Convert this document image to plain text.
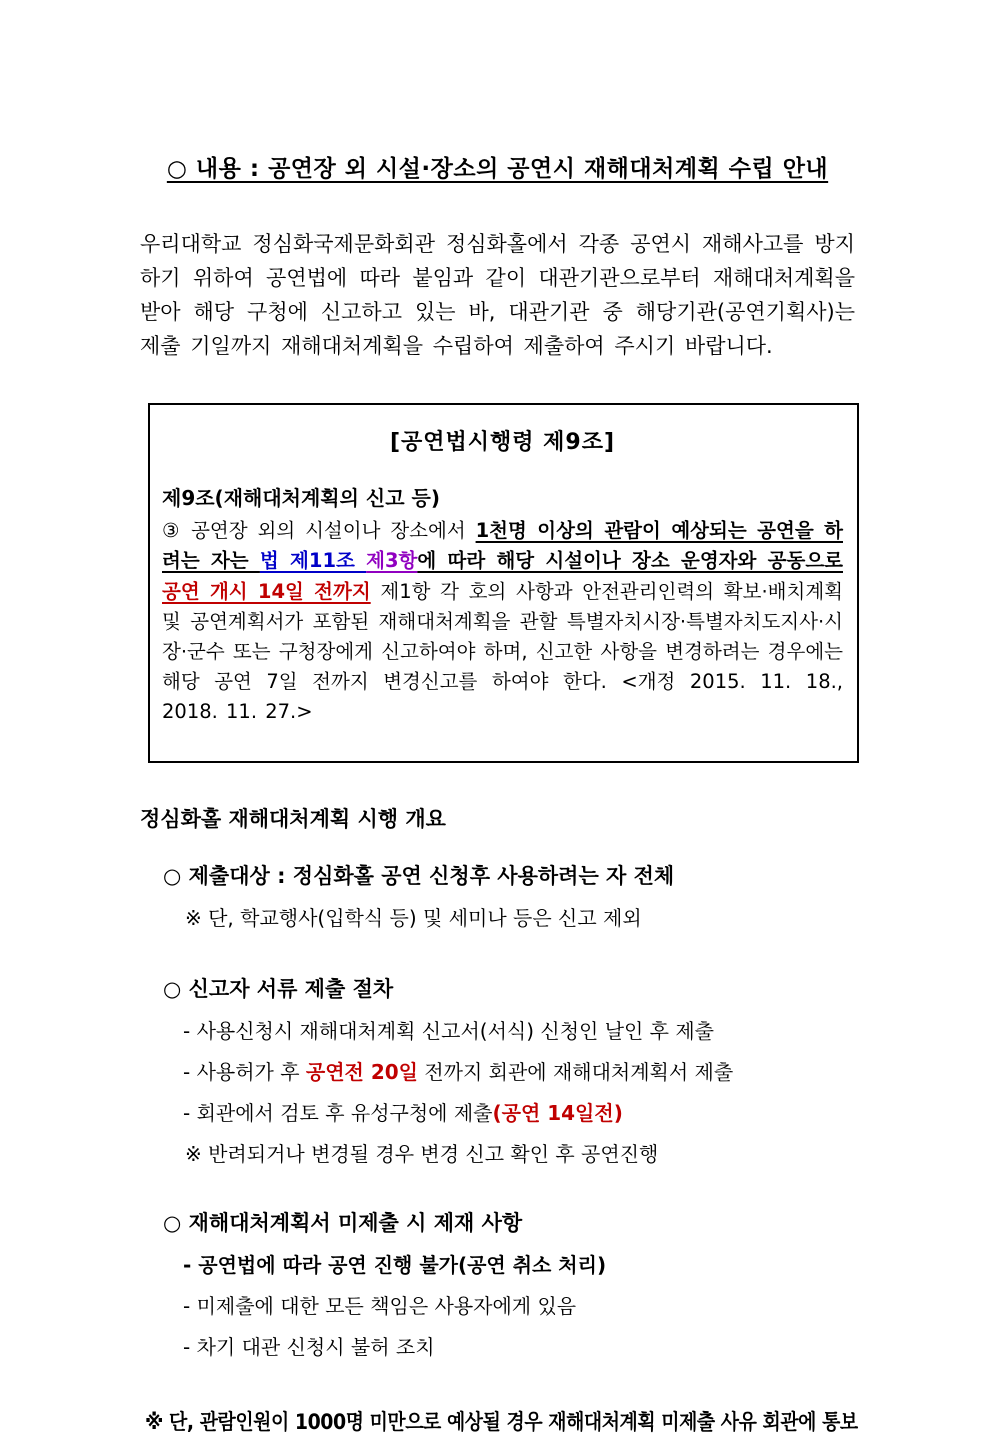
○ 내용 : 공연장 외 시설·장소의 공연시 재해대처계획 수립 안내

우리대학교 정심화국제문화회관 정심화홀에서 각종 공연시 재해사고를 방지하기 위하여 공연법에 따라 붙임과 같이 대관기관으로부터 재해대처계획을 받아 해당 구청에 신고하고 있는 바, 대관기관 중 해당기관(공연기획사)는 제출 기일까지 재해대처계획을 수립하여 제출하여 주시기 바랍니다.

[공연법시행령 제9조]
제9조(재해대처계획의 신고 등)

③ 공연장 외의 시설이나 장소에서 1천명 이상의 관람이 예상되는 공연을 하려는 자는 법 제11조 제3항에 따라 해당 시설이나 장소 운영자와 공동으로 공연 개시 14일 전까지 제1항 각 호의 사항과 안전관리인력의 확보·배치계획 및 공연계획서가 포함된 재해대처계획을 관할 특별자치시장·특별자치도지사·시장·군수 또는 구청장에게 신고하여야 하며, 신고한 사항을 변경하려는 경우에는 해당 공연 7일 전까지 변경신고를 하여야 한다. <개정 2015. 11. 18., 2018. 11. 27.>

정심화홀 재해대처계획 시행 개요
○ 제출대상 : 정심화홀 공연 신청후 사용하려는 자 전체
※ 단, 학교행사(입학식 등) 및 세미나 등은 신고 제외
○ 신고자 서류 제출 절차
- 사용신청시 재해대처계획 신고서(서식) 신청인 날인 후 제출
- 사용허가 후 공연전 20일 전까지 회관에 재해대처계획서 제출
- 회관에서 검토 후 유성구청에 제출(공연 14일전)
※ 반려되거나 변경될 경우 변경 신고 확인 후 공연진행
○ 재해대처계획서 미제출 시 제재 사항
- 공연법에 따라 공연 진행 불가(공연 취소 처리)
- 미제출에 대한 모든 책임은 사용자에게 있음
- 차기 대관 신청시 불허 조치
※ 단, 관람인원이 1000명 미만으로 예상될 경우 재해대처계획 미제출 사유 회관에 통보
